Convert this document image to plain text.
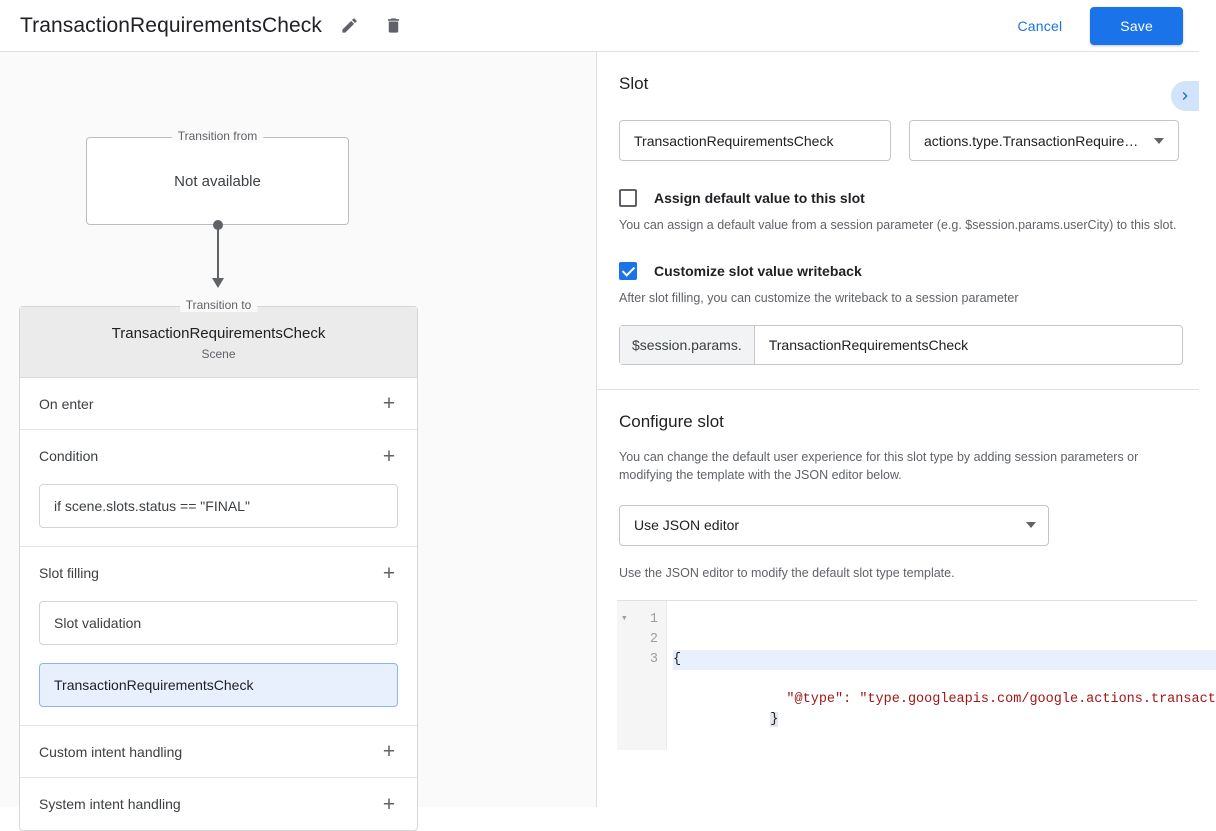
TransactionRequirementsCheck	Cancel	Save
Transition from
Not available
Transition to
TransactionRequirementsCheck
Scene
On enter	+
Condition	+
if scene.slots.status == "FINAL"
Slot filling	+
Slot validation
TransactionRequirementsCheck
Custom intent handling	+
System intent handling	+
Slot
TransactionRequirementsCheck	actions.type.TransactionRequire…
Assign default value to this slot
You can assign a default value from a session parameter (e.g. $session.params.userCity) to this slot.
Customize slot value writeback
After slot filling, you can customize the writeback to a session parameter
$session.params.	TransactionRequirementsCheck
Configure slot
You can change the default user experience for this slot type by adding session parameters or modifying the template with the JSON editor below.
Use JSON editor
Use the JSON editor to modify the default slot type template.
▾	1
2
3

{

"@type": "type.googleapis.com/google.actions.transact
}
